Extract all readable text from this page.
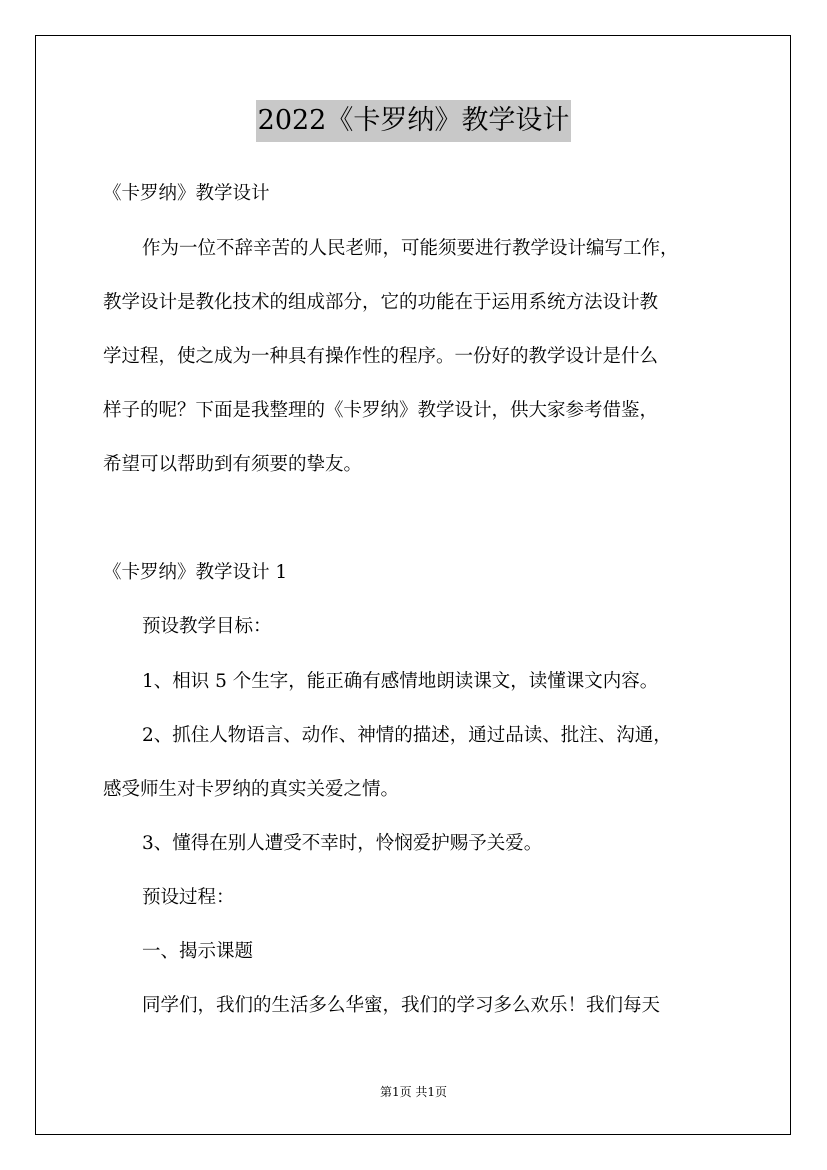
2022《卡罗纳》教学设计
《卡罗纳》教学设计
作为一位不辞辛苦的人民老师，可能须要进行教学设计编写工作，
教学设计是教化技术的组成部分，它的功能在于运用系统方法设计教
学过程，使之成为一种具有操作性的程序。一份好的教学设计是什么
样子的呢？下面是我整理的《卡罗纳》教学设计，供大家参考借鉴，
希望可以帮助到有须要的挚友。
《卡罗纳》教学设计 1
预设教学目标：
1、相识 5 个生字，能正确有感情地朗读课文，读懂课文内容。
2、抓住人物语言、动作、神情的描述，通过品读、批注、沟通，
感受师生对卡罗纳的真实关爱之情。
3、懂得在别人遭受不幸时，怜悯爱护赐予关爱。
预设过程：
一、揭示课题
同学们，我们的生活多么华蜜，我们的学习多么欢乐！我们每天
第1页 共1页
